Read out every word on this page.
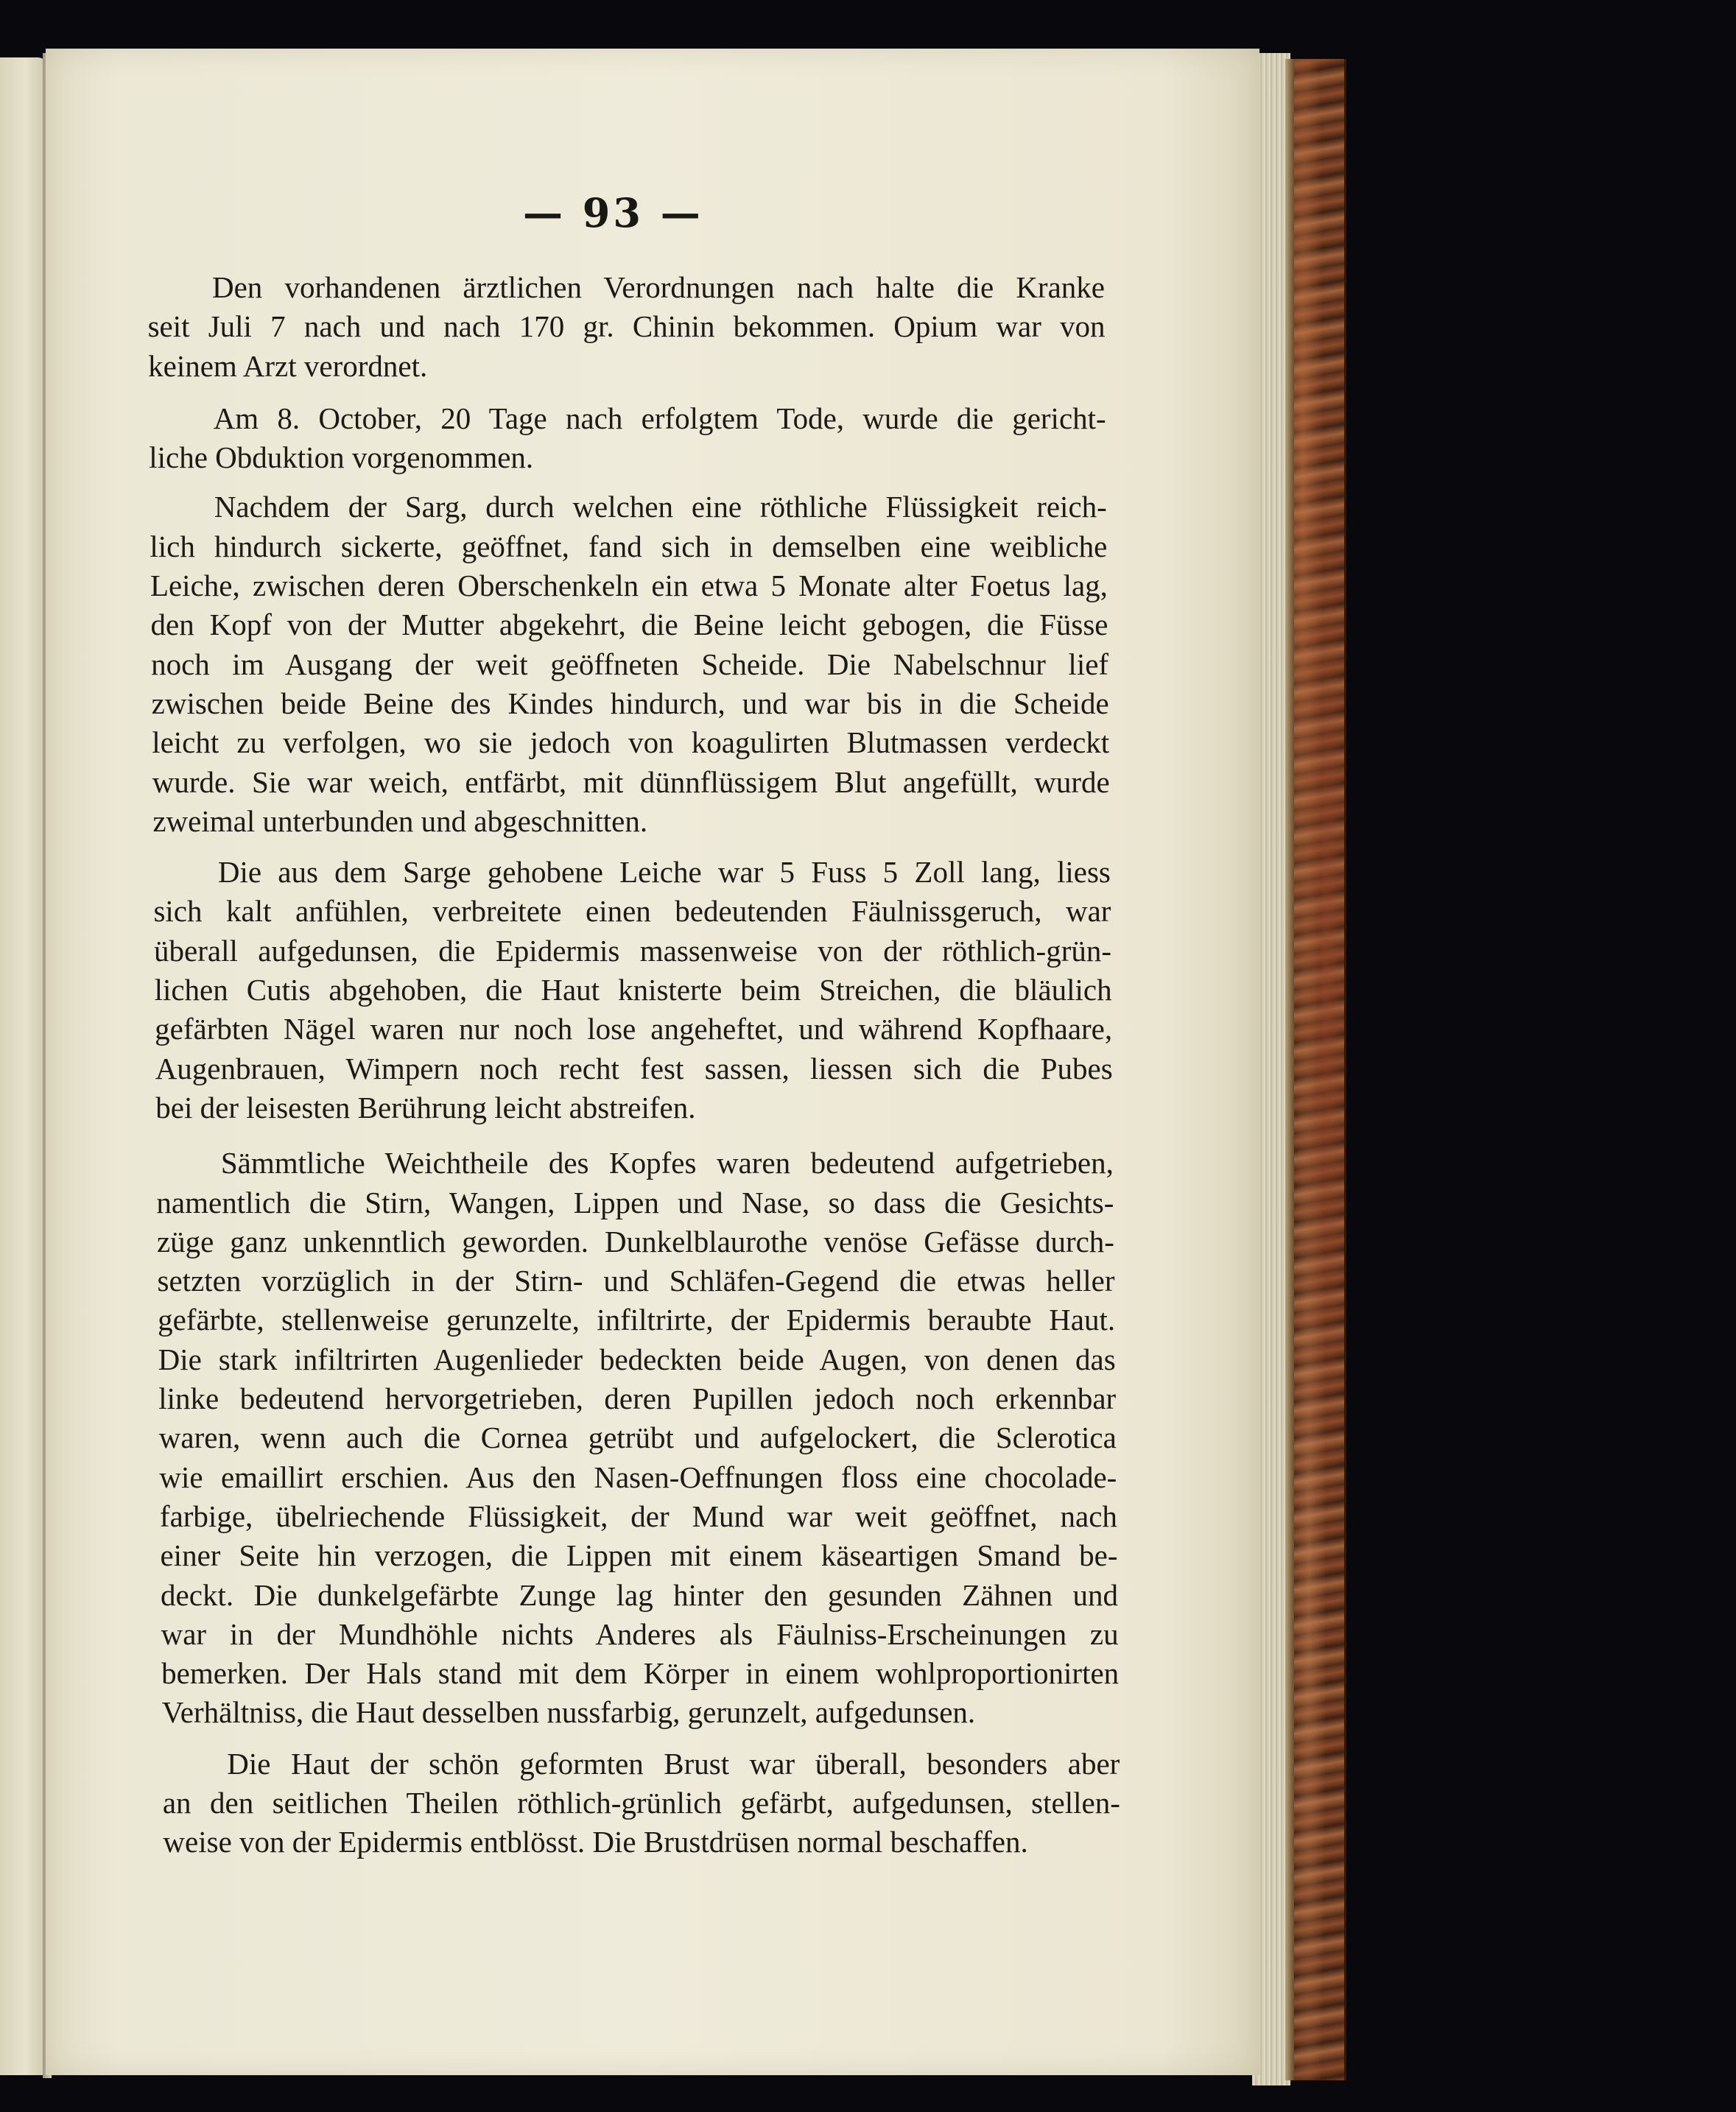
— 93 —

Den vorhandenen ärztlichen Verordnungen nach halte die Kranke

seit Juli 7 nach und nach 170 gr. Chinin bekommen. Opium war von

keinem Arzt verordnet.

Am 8. October, 20 Tage nach erfolgtem Tode, wurde die gericht-

liche Obduktion vorgenommen.

Nachdem der Sarg, durch welchen eine röthliche Flüssigkeit reich-

lich hindurch sickerte, geöffnet, fand sich in demselben eine weibliche

Leiche, zwischen deren Oberschenkeln ein etwa 5 Monate alter Foetus lag,

den Kopf von der Mutter abgekehrt, die Beine leicht gebogen, die Füsse

noch im Ausgang der weit geöffneten Scheide. Die Nabelschnur lief

zwischen beide Beine des Kindes hindurch, und war bis in die Scheide

leicht zu verfolgen, wo sie jedoch von koagulirten Blutmassen verdeckt

wurde. Sie war weich, entfärbt, mit dünnflüssigem Blut angefüllt, wurde

zweimal unterbunden und abgeschnitten.

Die aus dem Sarge gehobene Leiche war 5 Fuss 5 Zoll lang, liess

sich kalt anfühlen, verbreitete einen bedeutenden Fäulnissgeruch, war

überall aufgedunsen, die Epidermis massenweise von der röthlich-grün-

lichen Cutis abgehoben, die Haut knisterte beim Streichen, die bläulich

gefärbten Nägel waren nur noch lose angeheftet, und während Kopfhaare,

Augenbrauen, Wimpern noch recht fest sassen, liessen sich die Pubes

bei der leisesten Berührung leicht abstreifen.

Sämmtliche Weichtheile des Kopfes waren bedeutend aufgetrieben,

namentlich die Stirn, Wangen, Lippen und Nase, so dass die Gesichts-

züge ganz unkenntlich geworden. Dunkelblaurothe venöse Gefässe durch-

setzten vorzüglich in der Stirn- und Schläfen-Gegend die etwas heller

gefärbte, stellenweise gerunzelte, infiltrirte, der Epidermis beraubte Haut.

Die stark infiltrirten Augenlieder bedeckten beide Augen, von denen das

linke bedeutend hervorgetrieben, deren Pupillen jedoch noch erkennbar

waren, wenn auch die Cornea getrübt und aufgelockert, die Sclerotica

wie emaillirt erschien. Aus den Nasen-Oeffnungen floss eine chocolade-

farbige, übelriechende Flüssigkeit, der Mund war weit geöffnet, nach

einer Seite hin verzogen, die Lippen mit einem käseartigen Smand be-

deckt. Die dunkelgefärbte Zunge lag hinter den gesunden Zähnen und

war in der Mundhöhle nichts Anderes als Fäulniss-Erscheinungen zu

bemerken. Der Hals stand mit dem Körper in einem wohlproportionirten

Verhältniss, die Haut desselben nussfarbig, gerunzelt, aufgedunsen.

Die Haut der schön geformten Brust war überall, besonders aber

an den seitlichen Theilen röthlich-grünlich gefärbt, aufgedunsen, stellen-

weise von der Epidermis entblösst. Die Brustdrüsen normal beschaffen.
